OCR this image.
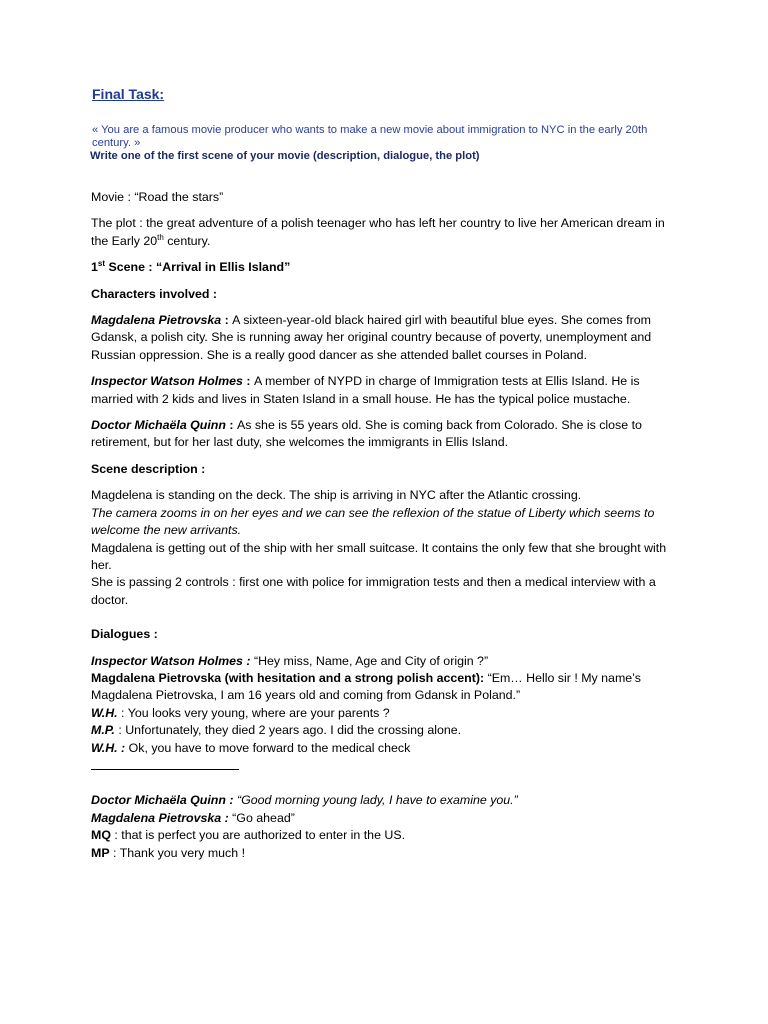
Final Task:

« You are a famous movie producer who wants to make a new movie about immigration to NYC in the early 20th century. »

Write one of the first scene of your movie (description, dialogue, the plot)

Movie : “Road the stars”

The plot : the great adventure of a polish teenager who has left her country to live her American dream in the Early 20th century.

1st Scene : “Arrival in Ellis Island”

Characters involved :

Magdalena Pietrovska : A sixteen-year-old black haired girl with beautiful blue eyes. She comes from Gdansk, a polish city. She is running away her original country because of poverty, unemployment and Russian oppression. She is a really good dancer as she attended ballet courses in Poland.

Inspector Watson Holmes : A member of NYPD in charge of Immigration tests at Ellis Island. He is married with 2 kids and lives in Staten Island in a small house. He has the typical police mustache.

Doctor Michaëla Quinn : As she is 55 years old. She is coming back from Colorado. She is close to retirement, but for her last duty, she welcomes the immigrants in Ellis Island.

Scene description :

Magdelena is standing on the deck. The ship is arriving in NYC after the Atlantic crossing.

The camera zooms in on her eyes and we can see the reflexion of the statue of Liberty which seems to welcome the new arrivants.

Magdalena is getting out of the ship with her small suitcase. It contains the only few that she brought with her.

She is passing 2 controls : first one with police for immigration tests and then a medical interview with a doctor.

Dialogues :

Inspector Watson Holmes : “Hey miss, Name, Age and City of origin ?”

Magdalena Pietrovska (with hesitation and a strong polish accent): “Em… Hello sir ! My name’s Magdalena Pietrovska, I am 16 years old and coming from Gdansk in Poland.”

W.H. : You looks very young, where are your parents ?

M.P. : Unfortunately, they died 2 years ago. I did the crossing alone.

W.H. : Ok, you have to move forward to the medical check

Doctor Michaëla Quinn : “Good morning young lady, I have to examine you.”

Magdalena Pietrovska : “Go ahead”

MQ : that is perfect you are authorized to enter in the US.

MP : Thank you very much !
